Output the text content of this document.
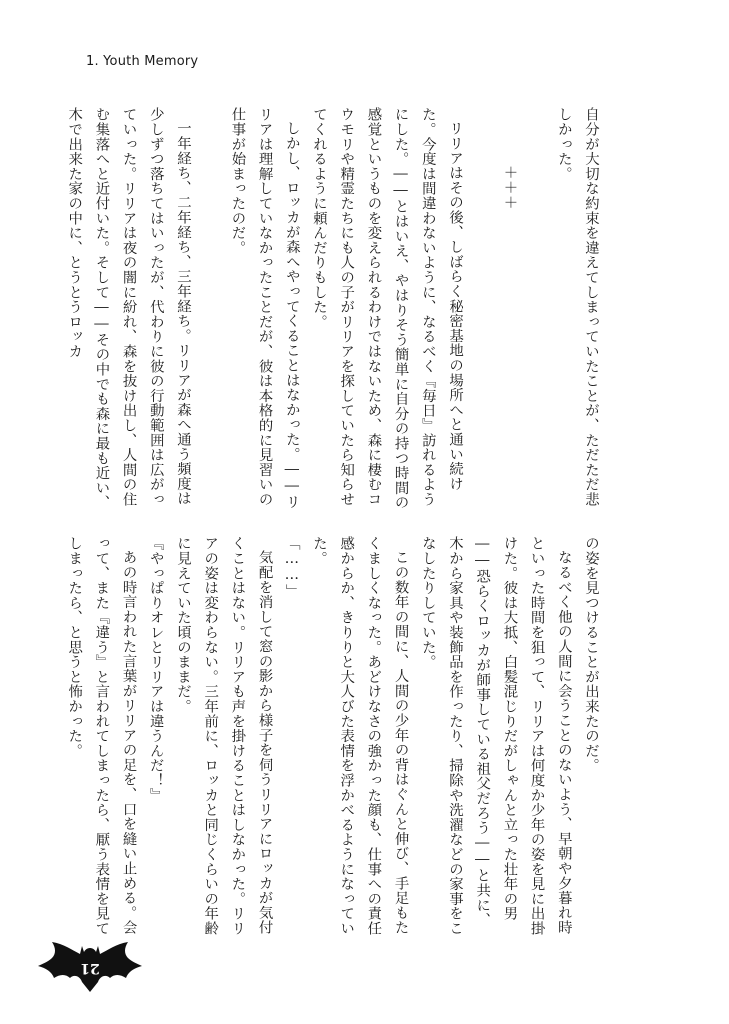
1. Youth Memory

自分が大切な約束を違えてしまっていたことが、ただただ悲しかった。

＋＋＋

リリアはその後、しばらく秘密基地の場所へと通い続けた。今度は間違わないように、なるべく『毎日』訪れるようにした。――とはいえ、やはりそう簡単に自分の持つ時間の感覚というものを変えられるわけではないため、森に棲むコウモリや精霊たちにも人の子がリリアを探していたら知らせてくれるように頼んだりもした。

しかし、ロッカが森へやってくることはなかった。――リリアは理解していなかったことだが、彼は本格的に見習いの仕事が始まったのだ。

一年経ち、二年経ち、三年経ち。リリアが森へ通う頻度は少しずつ落ちてはいったが、代わりに彼の行動範囲は広がっていった。リリアは夜の闇に紛れ、森を抜け出し、人間の住む集落へと近付いた。そして――その中でも森に最も近い、木で出来た家の中に、とうとうロッカ

の姿を見つけることが出来たのだ。

なるべく他の人間に会うことのないよう、早朝や夕暮れ時といった時間を狙って、リリアは何度か少年の姿を見に出掛けた。彼は大抵、白髪混じりだがしゃんと立った壮年の男――恐らくロッカが師事している祖父だろう――と共に、木から家具や装飾品を作ったり、掃除や洗濯などの家事をこなしたりしていた。

この数年の間に、人間の少年の背はぐんと伸び、手足もたくましくなった。あどけなさの強かった顔も、仕事への責任感からか、きりりと大人びた表情を浮かべるようになっていた。

「……」

気配を消して窓の影から様子を伺うリリアにロッカが気付くことはない。リリアも声を掛けることはしなかった。リリアの姿は変わらない。三年前に、ロッカと同じくらいの年齢に見えていた頃のままだ。

『やっぱりオレとリリアは違うんだ！』

あの時言われた言葉がリリアの足を、口を縫い止める。会って、また『違う』と言われてしまったら、厭う表情を見てしまったら、と思うと怖かった。

21
